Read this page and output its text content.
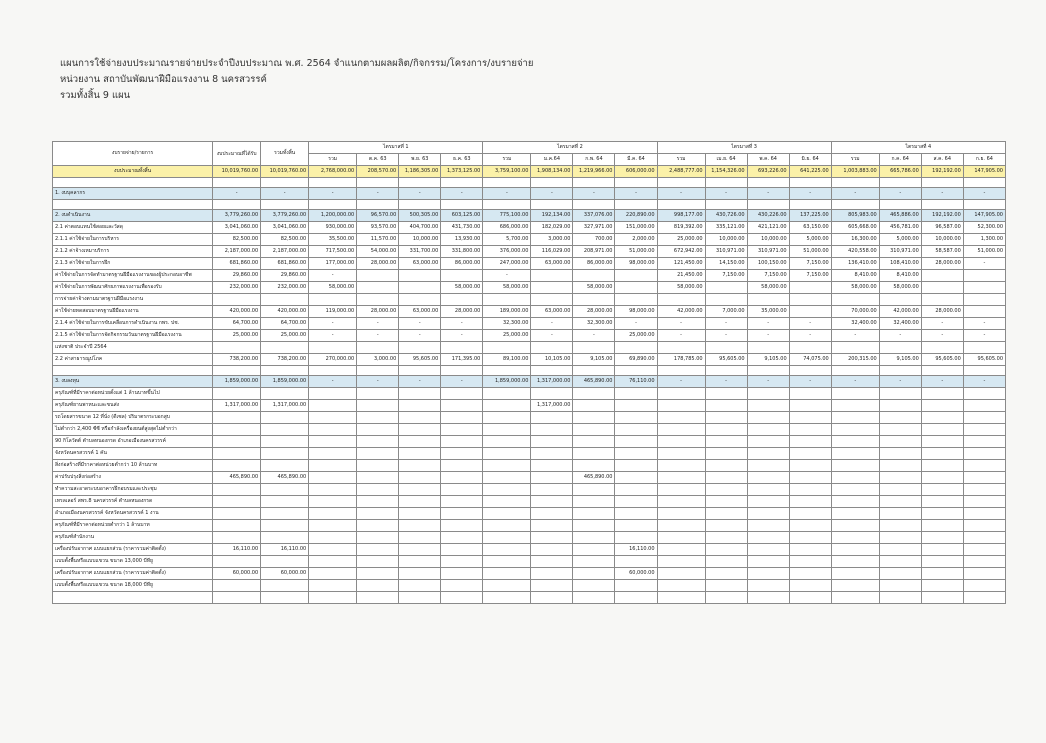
แผนการใช้จ่ายงบประมาณรายจ่ายประจำปีงบประมาณ พ.ศ. 2564 จำแนกตามผลผลิต/กิจกรรม/โครงการ/งบรายจ่าย
หน่วยงาน สถาบันพัฒนาฝีมือแรงงาน 8 นครสวรรค์
รวมทั้งสิ้น 9 แผน
งบรายจ่าย/รายการ	งบประมาณที่ได้รับ	รวมทั้งสิ้น	ไตรมาสที่ 1				ไตรมาสที่ 2				ไตรมาสที่ 3				ไตรมาสที่ 4			
			รวม	ต.ค. 63	พ.ย. 63	ธ.ค. 63	รวม	ม.ค.64	ก.พ. 64	มี.ค. 64	รวม	เม.ย. 64	พ.ค. 64	มิ.ย. 64	รวม	ก.ค. 64	ส.ค. 64	ก.ย. 64
งบประมาณทั้งสิ้น	10,019,760.00	10,019,760.00	2,768,000.00	208,570.00	1,186,305.00	1,373,125.00	3,759,100.00	1,908,134.00	1,219,966.00	606,000.00	2,488,777.00	1,154,326.00	693,226.00	641,225.00	1,003,883.00	665,786.00	192,192.00	147,905.00

1. งบบุคลากร	-	-	-	-	-	-	-	-	-	-	-	-	-	-	-	-	-	-

2. งบดำเนินงาน	3,779,260.00	3,779,260.00	1,200,000.00	96,570.00	500,305.00	603,125.00	775,100.00	192,134.00	337,076.00	220,890.00	998,177.00	430,726.00	430,226.00	137,225.00	805,983.00	465,886.00	192,192.00	147,905.00
2.1 ค่าตอบแทนใช้สอยและวัสดุ	3,041,060.00	3,041,060.00	930,000.00	93,570.00	404,700.00	431,730.00	686,000.00	182,029.00	327,971.00	151,000.00	819,392.00	335,121.00	421,121.00	63,150.00	605,668.00	456,781.00	96,587.00	52,300.00
2.1.1 ค่าใช้จ่ายในการบริหาร	82,500.00	82,500.00	35,500.00	11,570.00	10,000.00	13,930.00	5,700.00	3,000.00	700.00	2,000.00	25,000.00	10,000.00	10,000.00	5,000.00	16,300.00	5,000.00	10,000.00	1,300.00
2.1.2 ค่าจ้างเหมาบริการ	2,187,000.00	2,187,000.00	717,500.00	54,000.00	331,700.00	331,800.00	376,000.00	116,029.00	208,971.00	51,000.00	672,942.00	310,971.00	310,971.00	51,000.00	420,558.00	310,971.00	58,587.00	51,000.00
2.1.3 ค่าใช้จ่ายในการฝึก	681,860.00	681,860.00	177,000.00	28,000.00	63,000.00	86,000.00	247,000.00	63,000.00	86,000.00	98,000.00	121,450.00	14,150.00	100,150.00	7,150.00	136,410.00	108,410.00	28,000.00	-
ค่าใช้จ่ายในการจัดทำมาตรฐานฝีมือแรงงานของผู้ประกอบอาชีพ	29,860.00	29,860.00	-				-				21,450.00	7,150.00	7,150.00	7,150.00	8,410.00	8,410.00		
ค่าใช้จ่ายในการพัฒนาศักยภาพแรงงานเพื่อรองรับ	232,000.00	232,000.00	58,000.00			58,000.00	58,000.00		58,000.00		58,000.00		58,000.00		58,000.00	58,000.00		
การจ่ายค่าจ้างตามมาตรฐานฝีมือแรงงาน																		
ค่าใช้จ่ายทดสอบมาตรฐานฝีมือแรงงาน	420,000.00	420,000.00	119,000.00	28,000.00	63,000.00	28,000.00	189,000.00	63,000.00	28,000.00	98,000.00	42,000.00	7,000.00	35,000.00		70,000.00	42,000.00	28,000.00	
2.1.4 ค่าใช้จ่ายในการขับเคลื่อนการดำเนินงาน กพร. ปช.	64,700.00	64,700.00	-	-	-	-	32,300.00	-	32,300.00	-	-	-	-	-	32,400.00	32,400.00	-	-
2.1.5 ค่าใช้จ่ายในการจัดกิจกรรมวันมาตรฐานฝีมือแรงงาน	25,000.00	25,000.00	-	-	-	-	25,000.00	-	-	25,000.00	-	-	-	-	-	-	-	-
แห่งชาติ ประจำปี 2564																		
2.2 ค่าสาธารณูปโภค	738,200.00	738,200.00	270,000.00	3,000.00	95,605.00	171,395.00	89,100.00	10,105.00	9,105.00	69,890.00	178,785.00	95,605.00	9,105.00	74,075.00	200,315.00	9,105.00	95,605.00	95,605.00

3. งบลงทุน	1,859,000.00	1,859,000.00	-	-	-	-	1,859,000.00	1,317,000.00	465,890.00	76,110.00	-	-	-	-	-	-	-	-
ครุภัณฑ์ที่มีราคาต่อหน่วยตั้งแต่ 1 ล้านบาทขึ้นไป																		
ครุภัณฑ์ยานพาหนะและขนส่ง	1,317,000.00	1,317,000.00						1,317,000.00										
รถโดยสารขนาด 12 ที่นั่ง (ดีเซล) ปริมาตรกระบอกสูบ																		
ไม่ต่ำกว่า 2,400 ซีซี หรือกำลังเครื่องยนต์สูงสุดไม่ต่ำกว่า																		
90 กิโลวัตต์ ตำบลหนองกรด อำเภอเมืองนครสวรรค์																		
จังหวัดนครสวรรค์ 1 คัน																		
สิ่งก่อสร้างที่มีราคาต่อหน่วยต่ำกว่า 10 ล้านบาท																		
ค่าปรับปรุงสิ่งก่อสร้าง	465,890.00	465,890.00							465,890.00									
ทำความสะอาดระบบอาคารฝึกอบรมและประชุม																		
เทรลเลอร์ สพร.8 นครสวรรค์ ตำบลหนองกรด																		
อำเภอเมืองนครสวรรค์ จังหวัดนครสวรรค์ 1 งาน																		
ครุภัณฑ์ที่มีราคาต่อหน่วยต่ำกว่า 1 ล้านบาท																		
ครุภัณฑ์สำนักงาน																		
เครื่องปรับอากาศ แบบแยกส่วน (ราคารวมค่าติดตั้ง)	16,110.00	16,110.00								16,110.00								
แบบตั้งพื้นหรือแบบแขวน ขนาด 13,000 บีทียู																		
เครื่องปรับอากาศ แบบแยกส่วน (ราคารวมค่าติดตั้ง)	60,000.00	60,000.00								60,000.00								
แบบตั้งพื้นหรือแบบแขวน ขนาด 18,000 บีทียู																		
